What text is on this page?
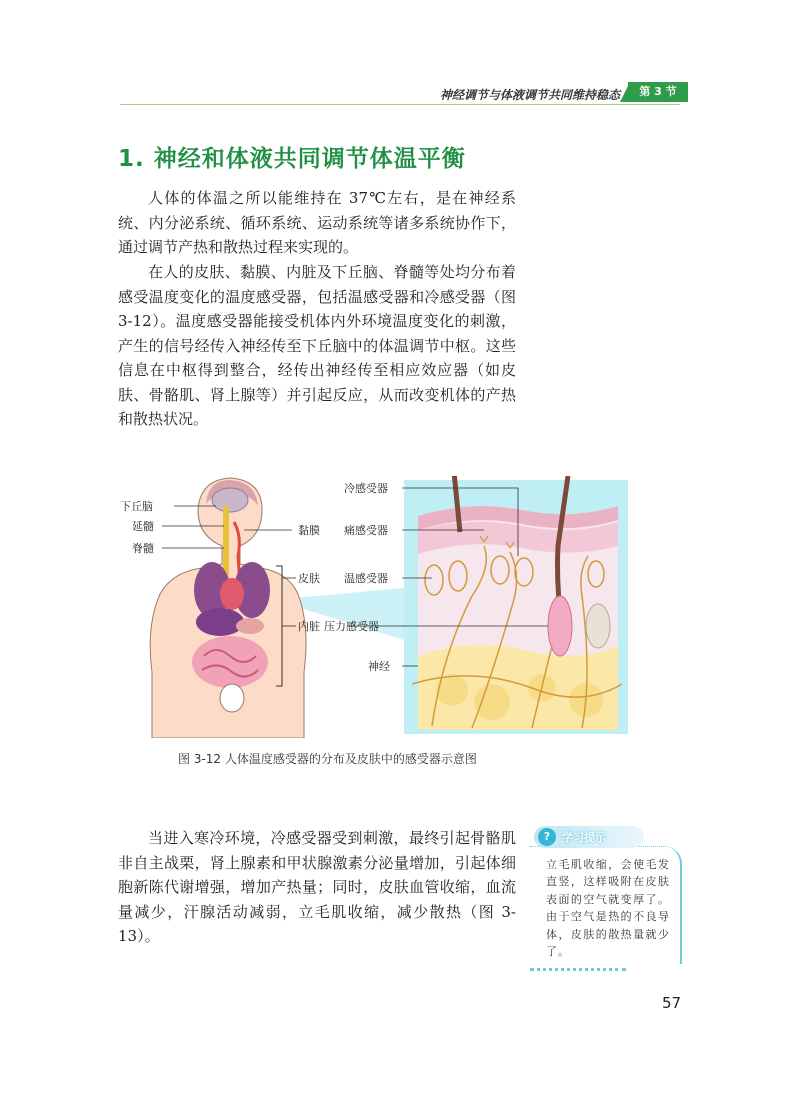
神经调节与体液调节共同维持稳态	第 3 节
1. 神经和体液共同调节体温平衡

人体的体温之所以能维持在 37℃左右，是在神经系统、内分泌系统、循环系统、运动系统等诸多系统协作下，通过调节产热和散热过程来实现的。

在人的皮肤、黏膜、内脏及下丘脑、脊髓等处均分布着感受温度变化的温度感受器，包括温感受器和冷感受器（图 3-12）。温度感受器能接受机体内外环境温度变化的刺激，产生的信号经传入神经传至下丘脑中的体温调节中枢。这些信息在中枢得到整合，经传出神经传至相应效应器（如皮肤、骨骼肌、肾上腺等）并引起反应，从而改变机体的产热和散热状况。

下丘脑
延髓
脊髓
黏膜
皮肤
内脏
冷感受器
痛感受器
温感受器
压力感受器
神经
图 3-12 人体温度感受器的分布及皮肤中的感受器示意图

当进入寒冷环境，冷感受器受到刺激，最终引起骨骼肌非自主战栗，肾上腺素和甲状腺激素分泌量增加，引起体细胞新陈代谢增强，增加产热量；同时，皮肤血管收缩，血流量减少，汗腺活动减弱，立毛肌收缩，减少散热（图 3-13）。

?	学习提示
立毛肌收缩，会使毛发直竖，这样吸附在皮肤表面的空气就变厚了。由于空气是热的不良导体，皮肤的散热量就少了。
57
